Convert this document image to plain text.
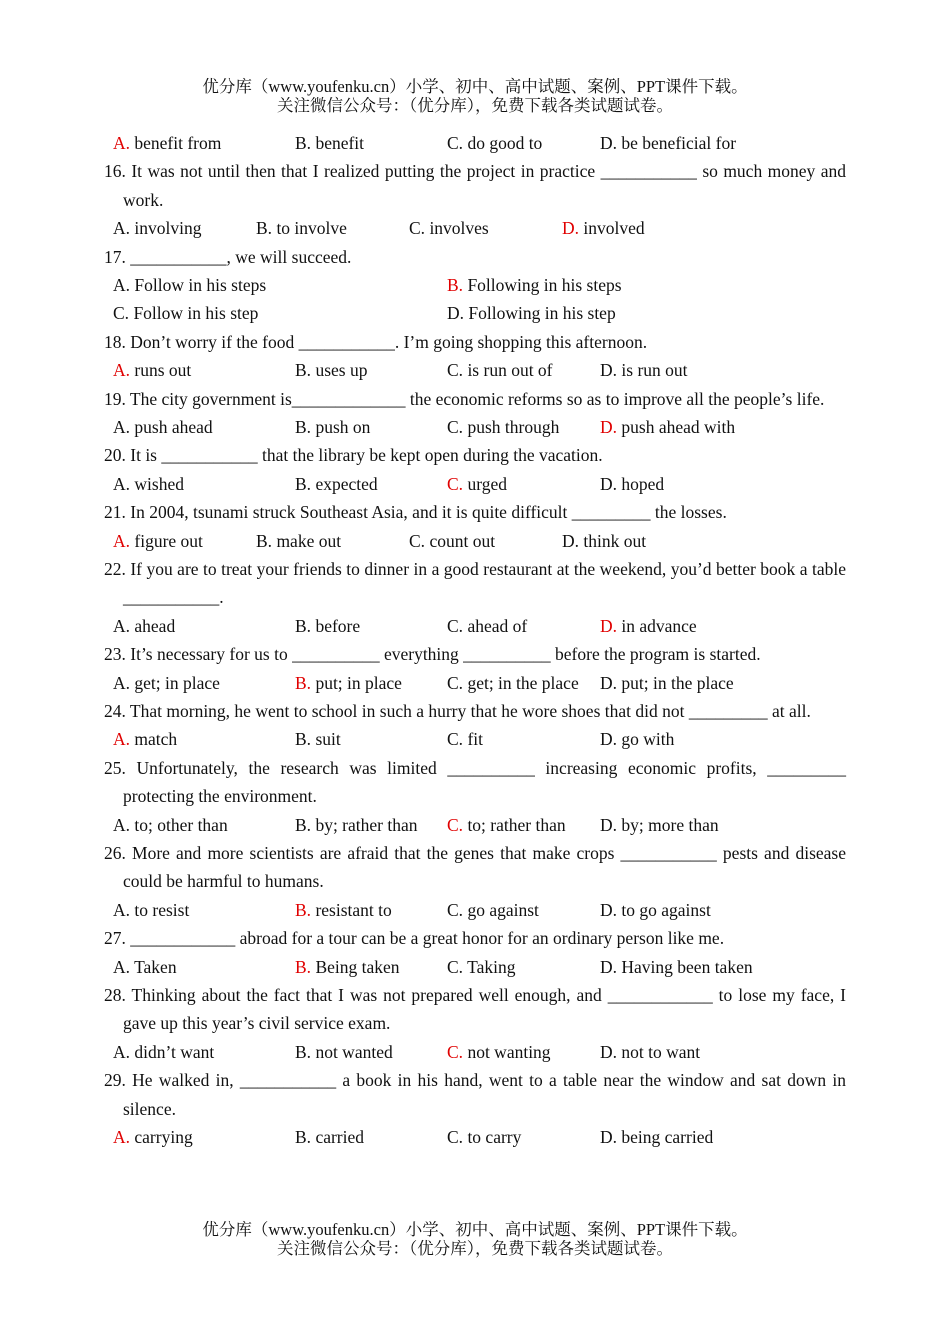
优分库（www.youfenku.cn）小学、初中、高中试题、案例、PPT课件下载。
关注微信公众号：（优分库），免费下载各类试题试卷。
A. benefit from	B. benefit	C. do good to	D. be beneficial for
16. It was not until then that I realized putting the project in practice ___________ so much money and work.
A. involving	B. to involve	C. involves	D. involved
17. ___________, we will succeed.
A. Follow in his steps	B. Following in his steps
C. Follow in his step	D. Following in his step
18. Don’t worry if the food ___________. I’m going shopping this afternoon.
A. runs out	B. uses up	C. is run out of	D. is run out
19. The city government is_____________ the economic reforms so as to improve all the people’s life.
A. push ahead	B. push on	C. push through D. push ahead with
20. It is ___________ that the library be kept open during the vacation.
A. wished	B. expected	C. urged	D. hoped
21. In 2004, tsunami struck Southeast Asia, and it is quite difficult _________ the losses.
A. figure out	B. make out	C. count out	D. think out
22. If you are to treat your friends to dinner in a good restaurant at the weekend, you’d better book a table ___________.
A. ahead	B. before	C. ahead of	D. in advance
23. It’s necessary for us to __________ everything __________ before the program is started.
A. get; in place	B. put; in place	C. get; in the place D. put; in the place
24. That morning, he went to school in such a hurry that he wore shoes that did not _________ at all.
A. match	B. suit	C. fit	D. go with
25. Unfortunately, the research was limited __________ increasing economic profits, _________ protecting the environment.
A. to; other than	B. by; rather than C. to; rather than D. by; more than
26. More and more scientists are afraid that the genes that make crops ___________ pests and disease could be harmful to humans.
A. to resist	B. resistant to	C. go against	D. to go against
27. ____________ abroad for a tour can be a great honor for an ordinary person like me.
A. Taken	B. Being taken	C. Taking	D. Having been taken
28. Thinking about the fact that I was not prepared well enough, and ____________ to lose my face, I gave up this year’s civil service exam.
A. didn’t want	B. not wanted	C. not wanting	D. not to want
29. He walked in, ___________ a book in his hand, went to a table near the window and sat down in silence.
A. carrying	B. carried	C. to carry	D. being carried
优分库（www.youfenku.cn）小学、初中、高中试题、案例、PPT课件下载。
关注微信公众号：（优分库），免费下载各类试题试卷。
